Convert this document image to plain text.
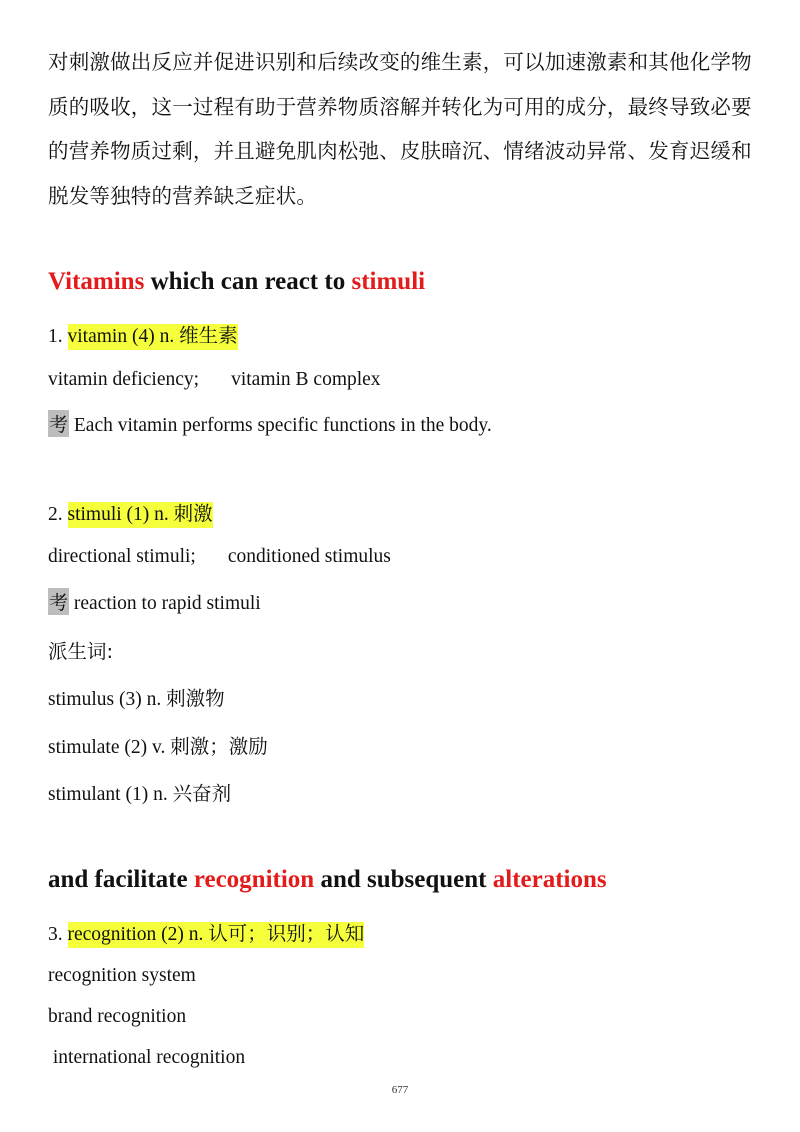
对刺激做出反应并促进识别和后续改变的维生素，可以加速激素和其他化学物质的吸收，这一过程有助于营养物质溶解并转化为可用的成分，最终导致必要的营养物质过剩，并且避免肌肉松弛、皮肤暗沉、情绪波动异常、发育迟缓和脱发等独特的营养缺乏症状。
Vitamins which can react to stimuli
1. vitamin (4) n. 维生素
vitamin deficiency; vitamin B complex
考 Each vitamin performs specific functions in the body.
2. stimuli (1) n. 刺激
directional stimuli; conditioned stimulus
考 reaction to rapid stimuli
派生词:
stimulus (3) n. 刺激物
stimulate (2) v. 刺激；激励
stimulant (1) n. 兴奋剂
and facilitate recognition and subsequent alterations
3. recognition (2) n. 认可；识别；认知
recognition system
brand recognition
international recognition
677
